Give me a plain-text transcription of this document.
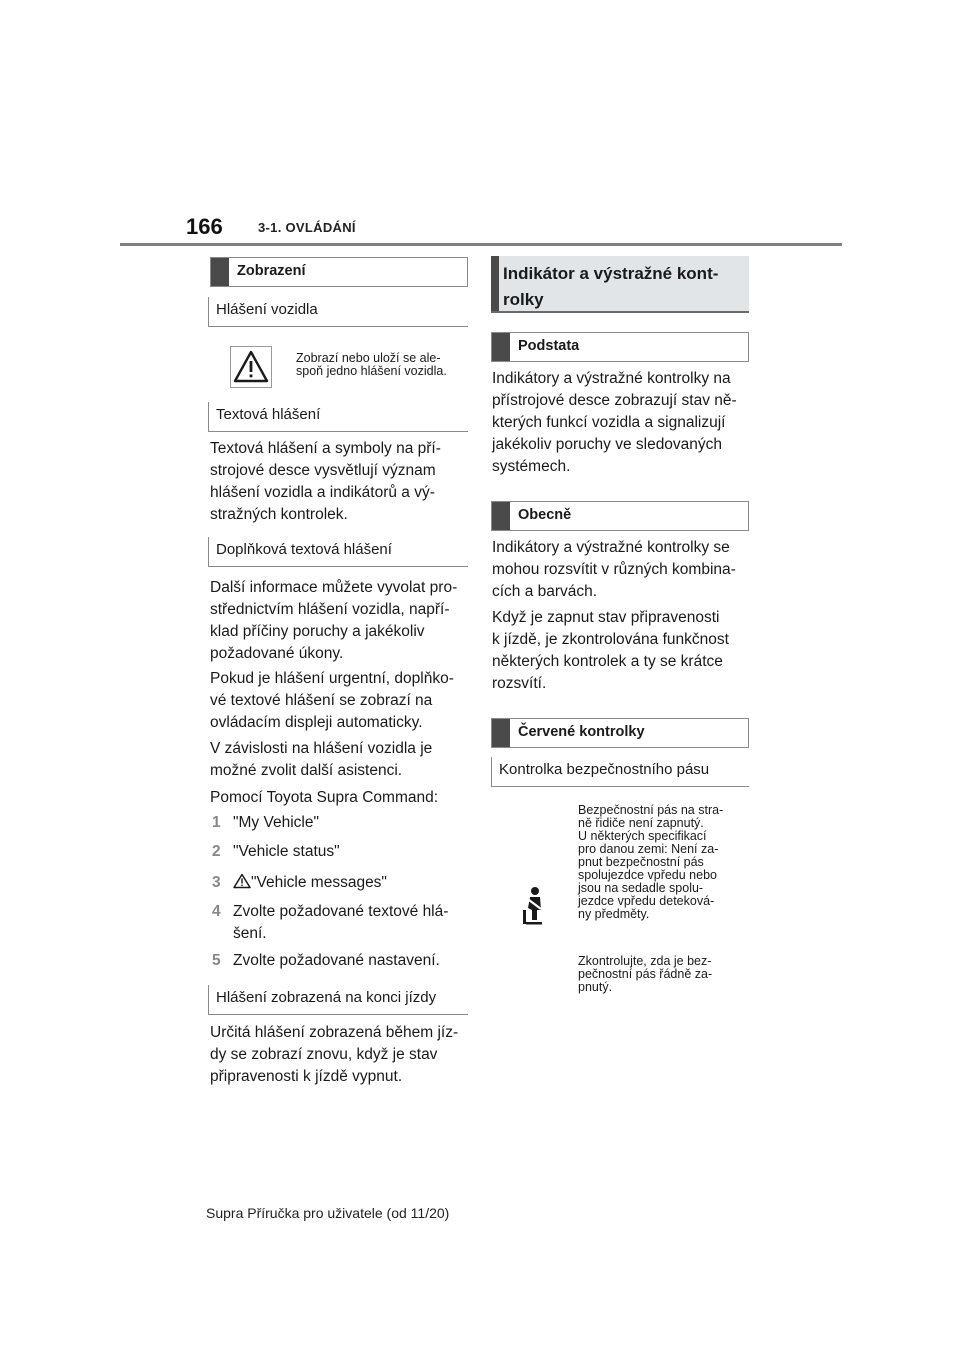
166	3-1. OVLÁDÁNÍ
Zobrazení
Hlášení vozidla

Zobrazí nebo uloží se ale-
spoň jedno hlášení vozidla.

Textová hlášení

Textová hlášení a symboly na pří-
strojové desce vysvětlují význam
hlášení vozidla a indikátorů a vý-
stražných kontrolek.

Doplňková textová hlášení

Další informace můžete vyvolat pro-
střednictvím hlášení vozidla, napří-
klad příčiny poruchy a jakékoliv
požadované úkony.

Pokud je hlášení urgentní, doplňko-
vé textové hlášení se zobrazí na
ovládacím displeji automaticky.

V závislosti na hlášení vozidla je
možné zvolit další asistenci.

Pomocí Toyota Supra Command:

1 "My Vehicle"
2 "Vehicle status"
3	"Vehicle messages"
4 Zvolte požadované textové hlá-
šení.
5 Zvolte požadované nastavení.
Hlášení zobrazená na konci jízdy

Určitá hlášení zobrazená během jíz-
dy se zobrazí znovu, když je stav
připravenosti k jízdě vypnut.

Indikátor a výstražné kont-
rolky
Podstata

Indikátory a výstražné kontrolky na
přístrojové desce zobrazují stav ně-
kterých funkcí vozidla a signalizují
jakékoliv poruchy ve sledovaných
systémech.

Obecně

Indikátory a výstražné kontrolky se
mohou rozsvítit v různých kombina-
cích a barvách.

Když je zapnut stav připravenosti
k jízdě, je zkontrolována funkčnost
některých kontrolek a ty se krátce
rozsvítí.

Červené kontrolky
Kontrolka bezpečnostního pásu

Bezpečnostní pás na stra-
ně řidiče není zapnutý.
U některých specifikací
pro danou zemi: Není za-
pnut bezpečnostní pás
spolujezdce vpředu nebo
jsou na sedadle spolu-
jezdce vpředu deteková-
ny předměty.

Zkontrolujte, zda je bez-
pečnostní pás řádně za-
pnutý.

Supra Příručka pro uživatele (od 11/20)
